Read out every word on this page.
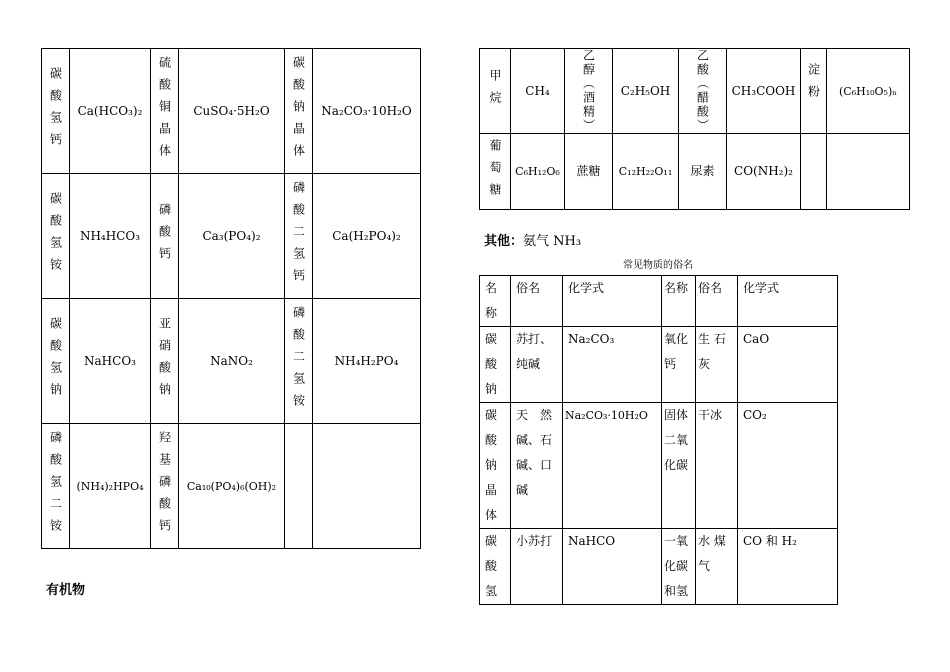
碳酸氢钙	Ca(HCO₃)₂	硫酸铜晶体	CuSO₄·5H₂O	碳酸钠晶体	Na₂CO₃·10H₂O

碳酸氢铵	NH₄HCO₃	磷酸钙	Ca₃(PO₄)₂	磷酸二氢钙	Ca(H₂PO₄)₂

碳酸氢钠	NaHCO₃	亚硝酸钠	NaNO₂	磷酸二氢铵	NH₄H₂PO₄

磷酸氢二铵	(NH₄)₂HPO₄	羟基磷酸钙	Ca₁₀(PO₄)₆(OH)₂		
有机物
甲烷	CH₄	乙醇（酒精）	C₂H₅OH	乙酸（醋酸）	CH₃COOH	淀粉	(C₆H₁₀O₅)ₙ

葡萄糖	C₆H₁₂O₆	蔗糖	C₁₂H₂₂O₁₁	尿素	CO(NH₂)₂		
其他：氨气 NH₃
常见物质的俗名
名称	俗名	化学式	名称	俗名	化学式
碳酸钠	苏打、纯碱	Na₂CO₃	氧化钙	生 石 灰	CaO
碳酸钠晶体	天　然 碱、石 碱、口 碱	Na₂CO₃·10H₂O	固体二氧化碳	干冰	CO₂
碳酸氢	小苏打	NaHCO	一氧化碳和氢	水 煤 气	CO 和 H₂
